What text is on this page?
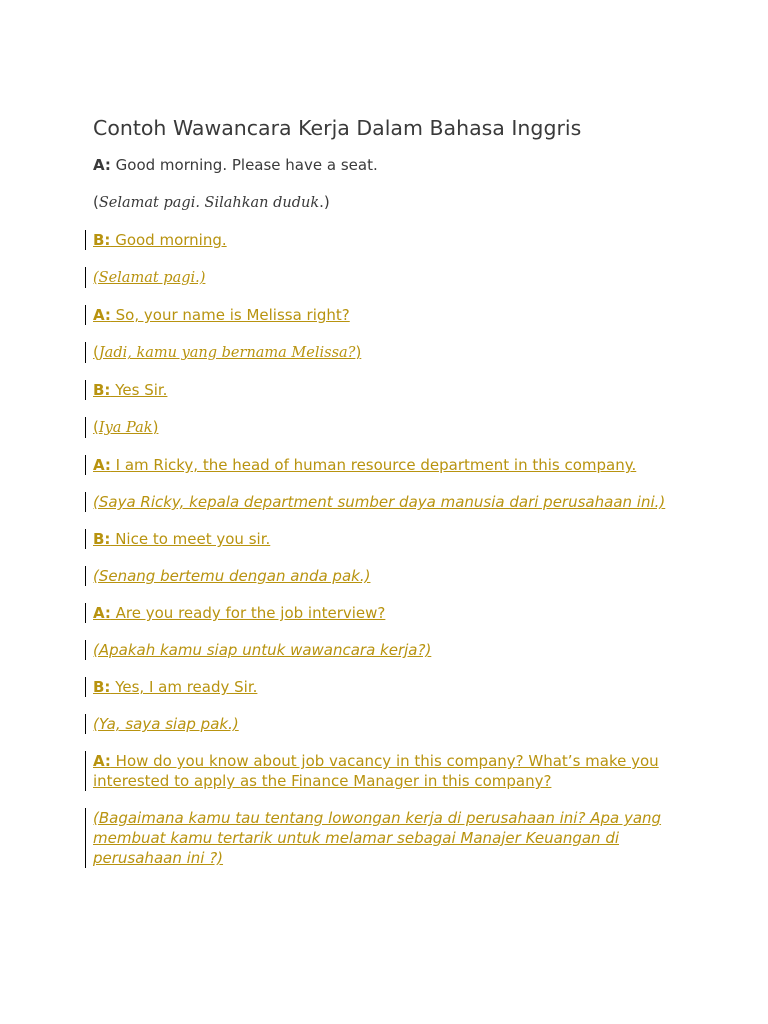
Contoh Wawancara Kerja Dalam Bahasa Inggris
A: Good morning. Please have a seat.
(Selamat pagi. Silahkan duduk.)
B: Good morning.
(Selamat pagi.)
A: So, your name is Melissa right?
(Jadi, kamu yang bernama Melissa?)
B: Yes Sir.
(Iya Pak)
A: I am Ricky, the head of human resource department in this company.
(Saya Ricky, kepala department sumber daya manusia dari perusahaan ini.)
B: Nice to meet you sir.
(Senang bertemu dengan anda pak.)
A: Are you ready for the job interview?
(Apakah kamu siap untuk wawancara kerja?)
B: Yes, I am ready Sir.
(Ya, saya siap pak.)
A: How do you know about job vacancy in this company? What’s make you interested to apply as the Finance Manager in this company?
(Bagaimana kamu tau tentang lowongan kerja di perusahaan ini? Apa yang membuat kamu tertarik untuk melamar sebagai Manajer Keuangan di perusahaan ini ?)
